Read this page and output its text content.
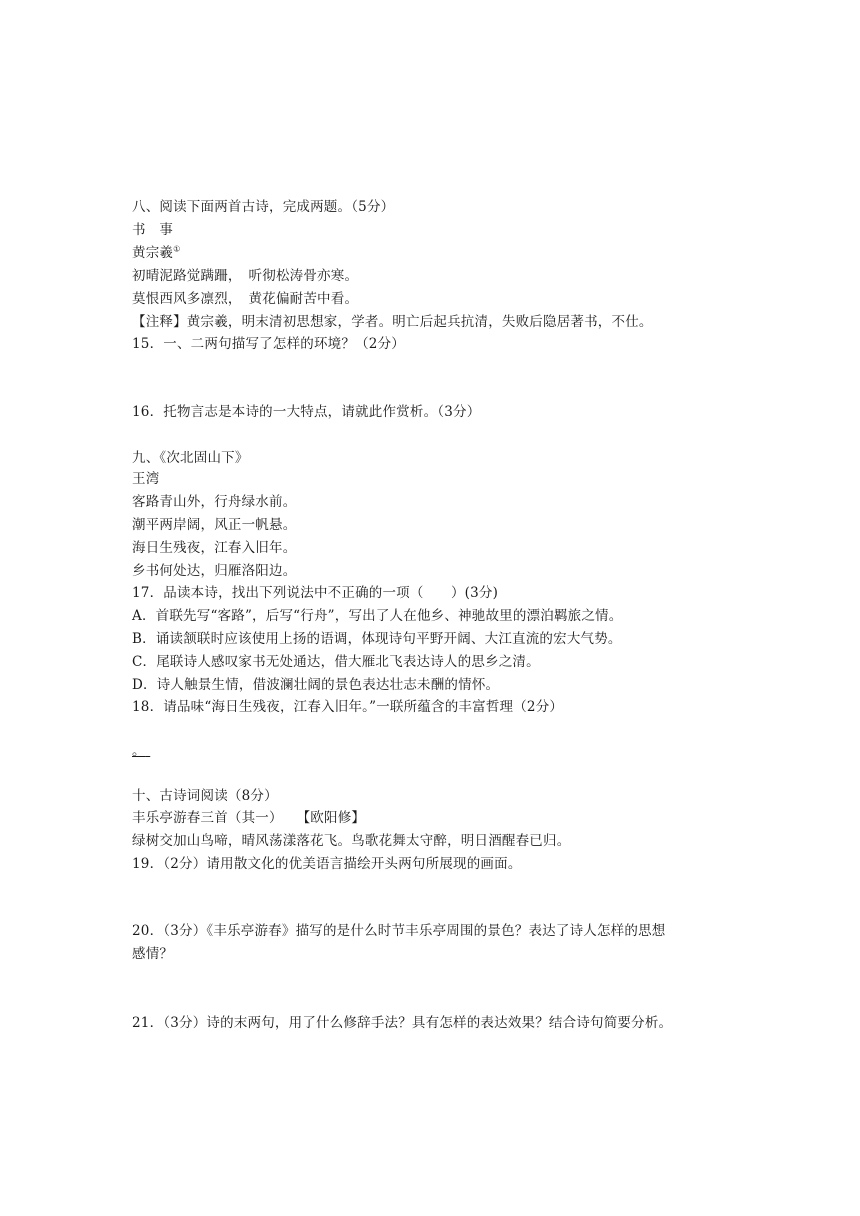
八、阅读下面两首古诗，完成两题。（5分）
书　事
黄宗羲①
初晴泥路觉蹒跚，　听彻松涛骨亦寒。
莫恨西风多凛烈，　黄花偏耐苦中看。
【注释】黄宗羲，明末清初思想家，学者。明亡后起兵抗清，失败后隐居著书，不仕。
15．一、二两句描写了怎样的环境？（2分）
16．托物言志是本诗的一大特点，请就此作赏析。（3分）
九、《次北固山下》
王湾
客路青山外，行舟绿水前。
潮平两岸阔，风正一帆悬。
海日生残夜，江春入旧年。
乡书何处达，归雁洛阳边。
17．品读本诗，找出下列说法中不正确的一项（　　）(3分)
A．首联先写“客路”，后写“行舟”，写出了人在他乡、神驰故里的漂泊羁旅之情。
B．诵读颔联时应该使用上扬的语调，体现诗句平野开阔、大江直流的宏大气势。
C．尾联诗人感叹家书无处通达，借大雁北飞表达诗人的思乡之清。
D．诗人触景生情，借波澜壮阔的景色表达壮志未酬的情怀。
18．请品味“海日生残夜，江春入旧年。”一联所蕴含的丰富哲理（2分）
。
十、古诗词阅读（8分）
丰乐亭游春三首（其一）　　【欧阳修】
绿树交加山鸟啼，晴风荡漾落花飞。鸟歌花舞太守醉，明日酒醒春已归。
19．（2分）请用散文化的优美语言描绘开头两句所展现的画面。
20．（3分）《丰乐亭游春》描写的是什么时节丰乐亭周围的景色？表达了诗人怎样的思想
感情？
21．（3分）诗的末两句，用了什么修辞手法？具有怎样的表达效果？结合诗句简要分析。
